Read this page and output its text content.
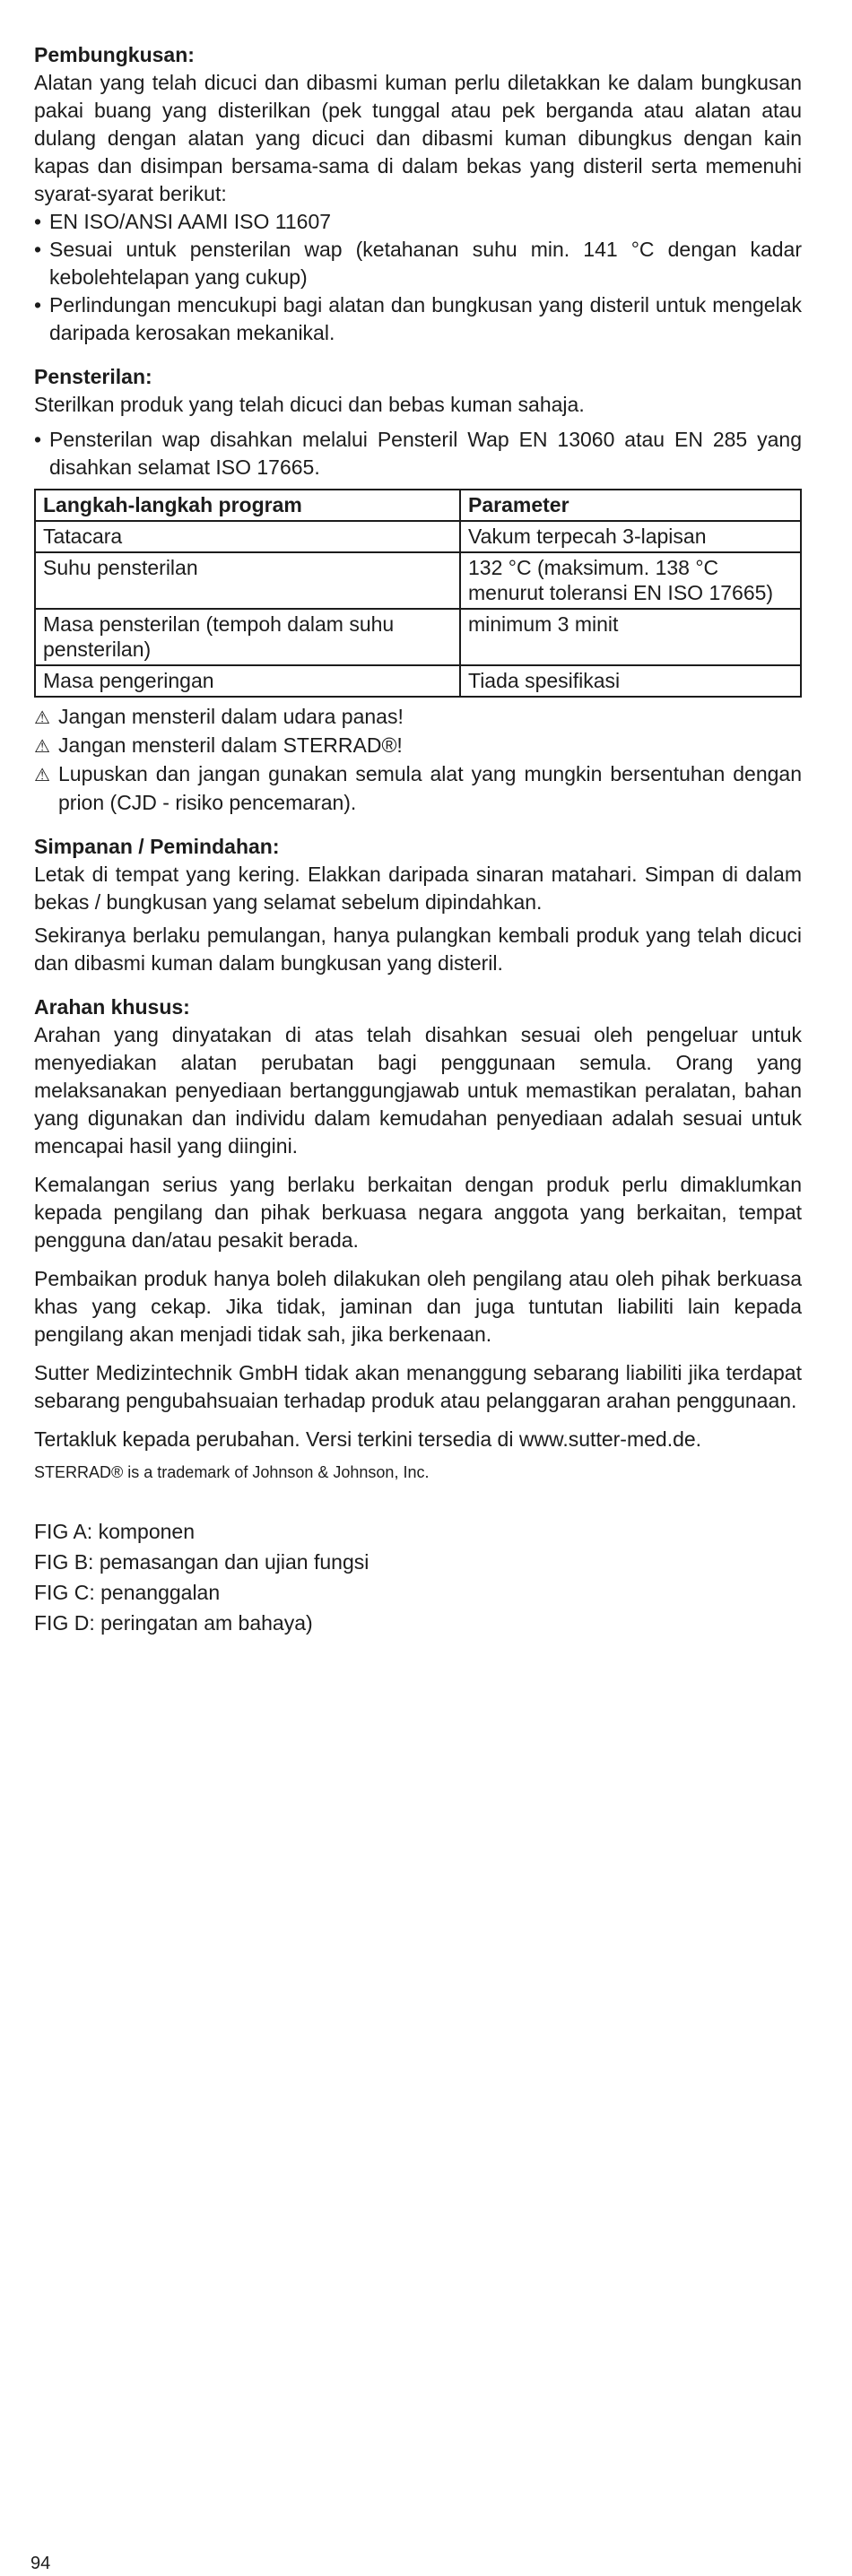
Pembungkusan:

Alatan yang telah dicuci dan dibasmi kuman perlu diletakkan ke dalam bungkusan pakai buang yang disterilkan (pek tunggal atau pek berganda atau alatan atau dulang dengan alatan yang dicuci dan dibasmi kuman dibungkus dengan kain kapas dan disimpan bersama-sama di dalam bekas yang disteril serta memenuhi syarat-syarat berikut:

• EN ISO/ANSI AAMI ISO 11607
• Sesuai untuk pensterilan wap (ketahanan suhu min. 141 °C dengan kadar kebolehtelapan yang cukup)
• Perlindungan mencukupi bagi alatan dan bungkusan yang disteril untuk mengelak daripada kerosakan mekanikal.

Pensterilan:

Sterilkan produk yang telah dicuci dan bebas kuman sahaja.

• Pensterilan wap disahkan melalui Pensteril Wap EN 13060 atau EN 285 yang disahkan selamat ISO 17665.
Langkah-langkah program	Parameter
Tatacara	Vakum terpecah 3-lapisan
Suhu pensterilan	132 °C (maksimum. 138 °C menurut toleransi EN ISO 17665)
Masa pensterilan (tempoh dalam suhu pensterilan)	minimum 3 minit
Masa pengeringan	Tiada spesifikasi
⚠ Jangan mensteril dalam udara panas!
⚠ Jangan mensteril dalam STERRAD®!
⚠ Lupuskan dan jangan gunakan semula alat yang mungkin bersentuhan dengan prion (CJD - risiko pencemaran).

Simpanan / Pemindahan:

Letak di tempat yang kering. Elakkan daripada sinaran matahari. Simpan di dalam bekas / bungkusan yang selamat sebelum dipindahkan.

Sekiranya berlaku pemulangan, hanya pulangkan kembali produk yang telah dicuci dan dibasmi kuman dalam bungkusan yang disteril.

Arahan khusus:

Arahan yang dinyatakan di atas telah disahkan sesuai oleh pengeluar untuk menyediakan alatan perubatan bagi penggunaan semula. Orang yang melaksanakan penyediaan bertanggungjawab untuk memastikan peralatan, bahan yang digunakan dan individu dalam kemudahan penyediaan adalah sesuai untuk mencapai hasil yang diingini.

Kemalangan serius yang berlaku berkaitan dengan produk perlu dimaklumkan kepada pengilang dan pihak berkuasa negara anggota yang berkaitan, tempat pengguna dan/atau pesakit berada.

Pembaikan produk hanya boleh dilakukan oleh pengilang atau oleh pihak berkuasa khas yang cekap. Jika tidak, jaminan dan juga tuntutan liabiliti lain kepada pengilang akan menjadi tidak sah, jika berkenaan.

Sutter Medizintechnik GmbH tidak akan menanggung sebarang liabiliti jika terdapat sebarang pengubahsuaian terhadap produk atau pelanggaran arahan penggunaan.

Tertakluk kepada perubahan. Versi terkini tersedia di www.sutter-med.de.

STERRAD® is a trademark of Johnson & Johnson, Inc.

FIG A: komponen

FIG B: pemasangan dan ujian fungsi

FIG C: penanggalan

FIG D: peringatan am bahaya)

94
